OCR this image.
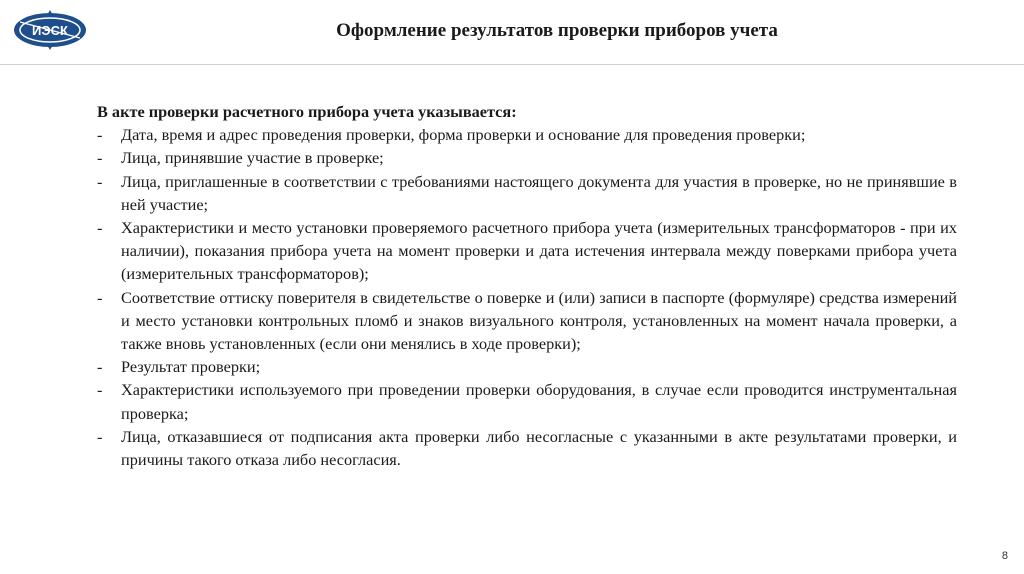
ИЭСК	Оформление результатов проверки приборов учета

В акте проверки расчетного прибора учета указывается:

- Дата, время и адрес проведения проверки, форма проверки и основание для проведения проверки;
- Лица, принявшие участие в проверке;
- Лица, приглашенные в соответствии с требованиями настоящего документа для участия в проверке, но не принявшие в ней участие;
- Характеристики и место установки проверяемого расчетного прибора учета (измерительных трансформаторов - при их наличии), показания прибора учета на момент проверки и дата истечения интервала между поверками прибора учета (измерительных трансформаторов);
- Соответствие оттиску поверителя в свидетельстве о поверке и (или) записи в паспорте (формуляре) средства измерений и место установки контрольных пломб и знаков визуального контроля, установленных на момент начала проверки, а также вновь установленных (если они менялись в ходе проверки);
- Результат проверки;
- Характеристики используемого при проведении проверки оборудования, в случае если проводится инструментальная проверка;
- Лица, отказавшиеся от подписания акта проверки либо несогласные с указанными в акте результатами проверки, и причины такого отказа либо несогласия.
8
